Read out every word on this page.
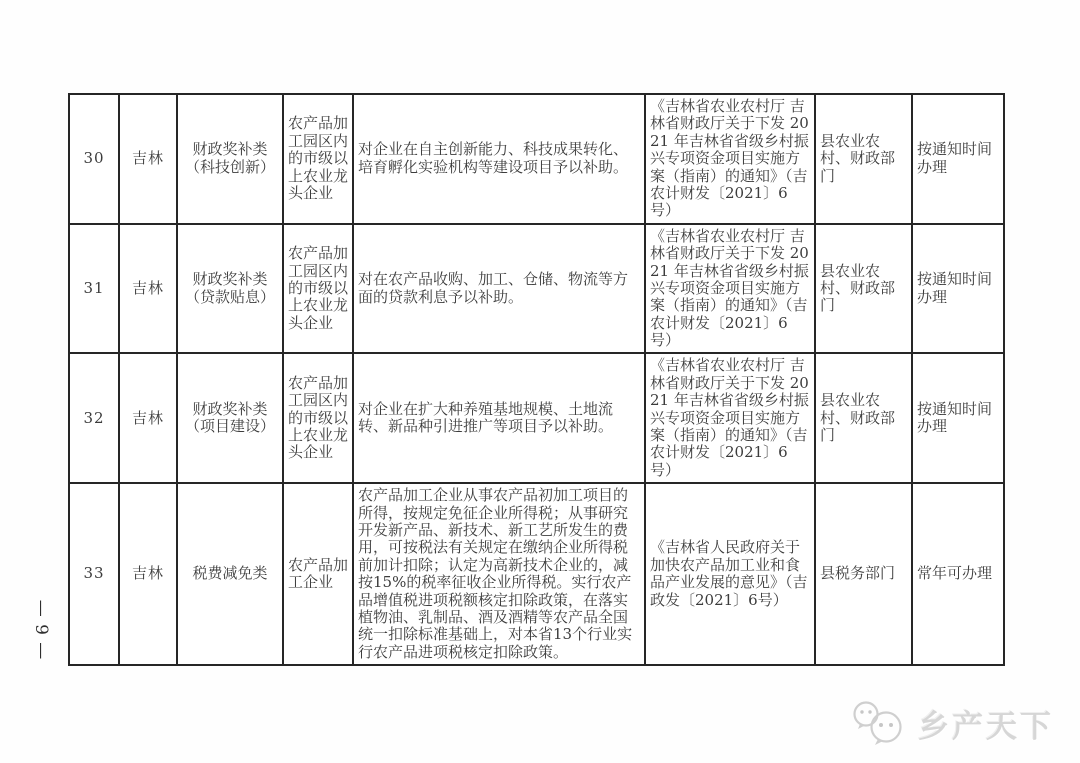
30	吉林	财政奖补类（科技创新）	农产品加工园区内的市级以上农业龙头企业	对企业在自主创新能力、科技成果转化、培育孵化实验机构等建设项目予以补助。	《吉林省农业农村厅 吉林省财政厅关于下发 2021 年吉林省省级乡村振兴专项资金项目实施方案（指南）的通知》（吉农计财发〔2021〕6号）	县农业农村、财政部门	按通知时间办理
31	吉林	财政奖补类（贷款贴息）	农产品加工园区内的市级以上农业龙头企业	对在农产品收购、加工、仓储、物流等方面的贷款利息予以补助。	《吉林省农业农村厅 吉林省财政厅关于下发 2021 年吉林省省级乡村振兴专项资金项目实施方案（指南）的通知》（吉农计财发〔2021〕6号）	县农业农村、财政部门	按通知时间办理
32	吉林	财政奖补类（项目建设）	农产品加工园区内的市级以上农业龙头企业	对企业在扩大种养殖基地规模、土地流转、新品种引进推广等项目予以补助。	《吉林省农业农村厅 吉林省财政厅关于下发 2021 年吉林省省级乡村振兴专项资金项目实施方案（指南）的通知》（吉农计财发〔2021〕6号）	县农业农村、财政部门	按通知时间办理
33	吉林	税费减免类	农产品加工企业	农产品加工企业从事农产品初加工项目的所得，按规定免征企业所得税；从事研究开发新产品、新技术、新工艺所发生的费用，可按税法有关规定在缴纳企业所得税前加计扣除；认定为高新技术企业的，减按15%的税率征收企业所得税。实行农产品增值税进项税额核定扣除政策，在落实植物油、乳制品、酒及酒精等农产品全国统一扣除标准基础上，对本省13个行业实行农产品进项税核定扣除政策。	《吉林省人民政府关于加快农产品加工业和食品产业发展的意见》（吉政发〔2021〕6号）	县税务部门	常年可办理
— 9 —
乡产天下
